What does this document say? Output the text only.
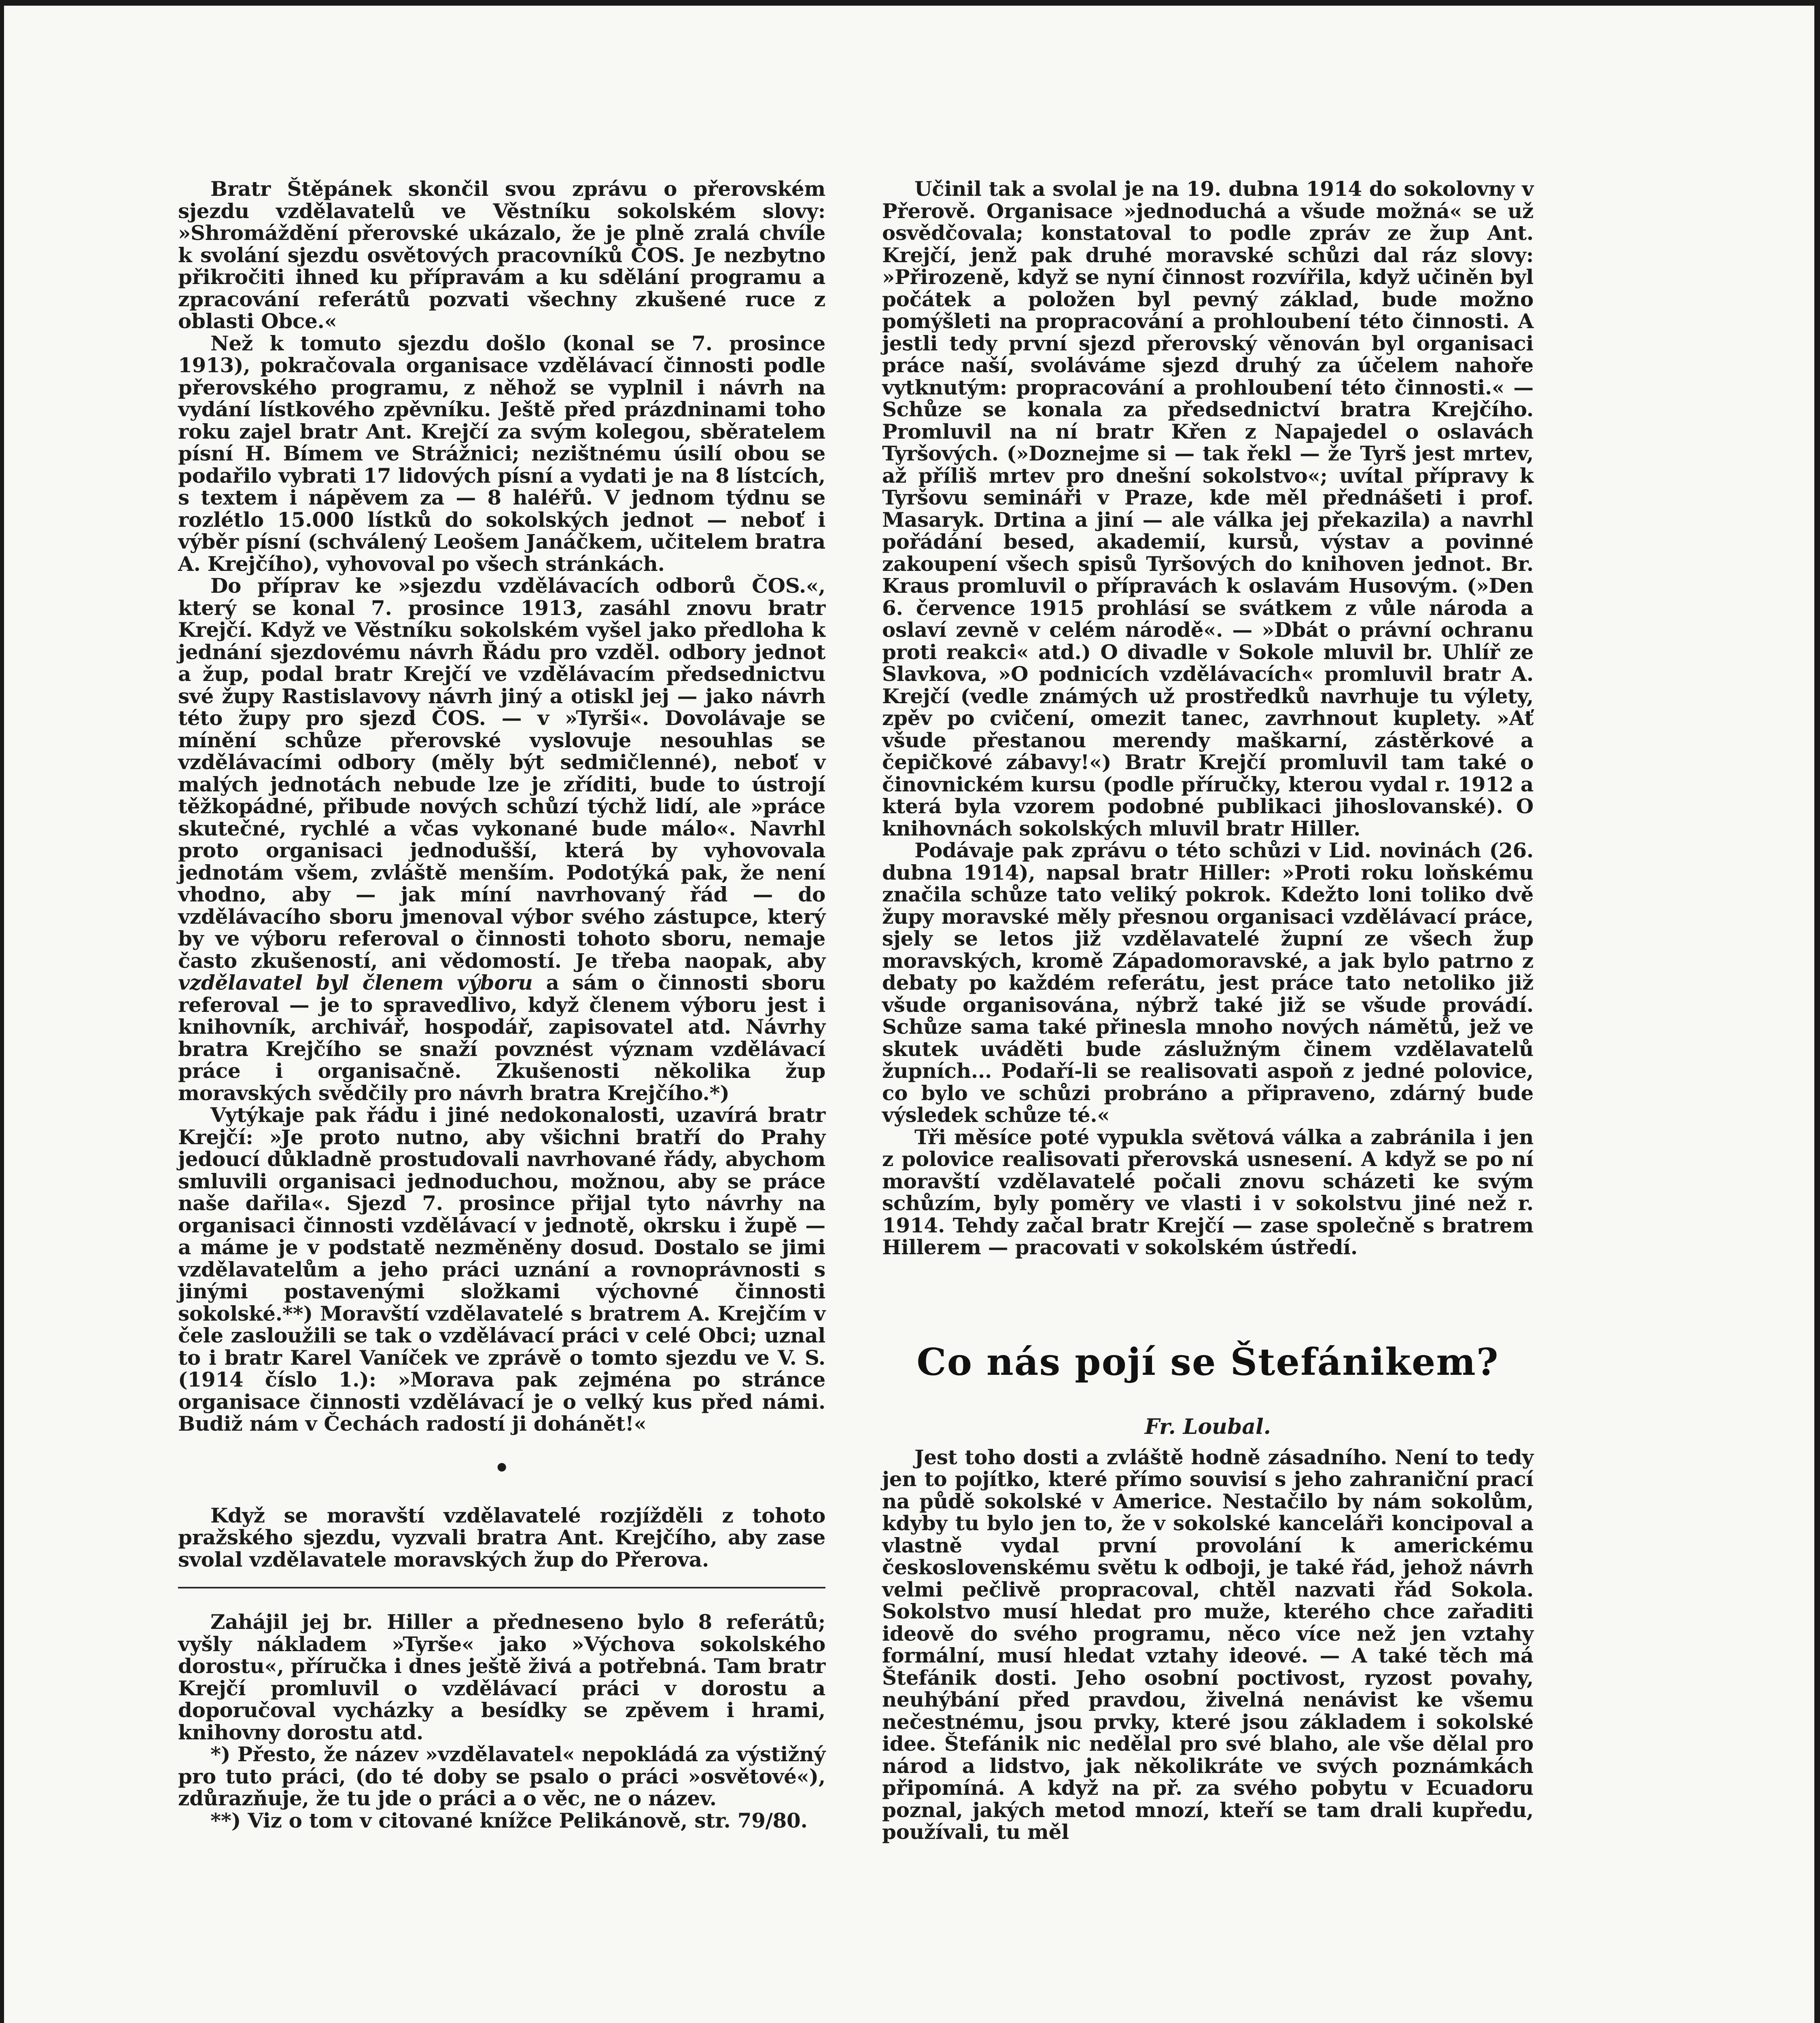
Bratr Štěpánek skončil svou zprávu o přerovském sjezdu vzdělavatelů ve Věstníku sokolském slovy: »Shromáždění přerovské ukázalo, že je plně zralá chvíle k svolání sjezdu osvětových pracovníků ČOS. Je nezbytno přikročiti ihned ku přípravám a ku sdělání programu a zpracování referátů pozvati všechny zkušené ruce z oblasti Obce.«

Než k tomuto sjezdu došlo (konal se 7. prosince 1913), pokračovala organisace vzdělávací činnosti podle přerovského programu, z něhož se vyplnil i návrh na vydání lístkového zpěvníku. Ještě před prázdninami toho roku zajel bratr Ant. Krejčí za svým kolegou, sběratelem písní H. Bímem ve Strážnici; nezištnému úsilí obou se podařilo vybrati 17 lidových písní a vydati je na 8 lístcích, s textem i nápěvem za — 8 haléřů. V jednom týdnu se rozlétlo 15.000 lístků do sokolských jednot — neboť i výběr písní (schválený Leošem Janáčkem, učitelem bratra A. Krejčího), vyhovoval po všech stránkách.

Do příprav ke »sjezdu vzdělávacích odborů ČOS.«, který se konal 7. prosince 1913, zasáhl znovu bratr Krejčí. Když ve Věstníku sokolském vyšel jako předloha k jednání sjezdovému návrh Řádu pro vzděl. odbory jednot a žup, podal bratr Krejčí ve vzdělávacím předsednictvu své župy Rastislavovy návrh jiný a otiskl jej — jako návrh této župy pro sjezd ČOS. — v »Tyrši«. Dovolávaje se mínění schůze přerovské vyslovuje nesouhlas se vzdělávacími odbory (měly být sedmičlenné), neboť v malých jednotách nebude lze je zříditi, bude to ústrojí těžkopádné, přibude nových schůzí týchž lidí, ale »práce skutečné, rychlé a včas vykonané bude málo«. Navrhl proto organisaci jednodušší, která by vyhovovala jednotám všem, zvláště menším. Podotýká pak, že není vhodno, aby — jak míní navrhovaný řád — do vzdělávacího sboru jmenoval výbor svého zástupce, který by ve výboru referoval o činnosti tohoto sboru, nemaje často zkušeností, ani vědomostí. Je třeba naopak, aby vzdělavatel byl členem výboru a sám o činnosti sboru referoval — je to spravedlivo, když členem výboru jest i knihovník, archivář, hospodář, zapisovatel atd. Návrhy bratra Krejčího se snaží povznést význam vzdělávací práce i organisačně. Zkušenosti několika žup moravských svědčily pro návrh bratra Krejčího.*)

Vytýkaje pak řádu i jiné nedokonalosti, uzavírá bratr Krejčí: »Je proto nutno, aby všichni bratří do Prahy jedoucí důkladně prostudovali navrhované řády, abychom smluvili organisaci jednoduchou, možnou, aby se práce naše dařila«. Sjezd 7. prosince přijal tyto návrhy na organisaci činnosti vzdělávací v jednotě, okrsku i župě — a máme je v podstatě nezměněny dosud. Dostalo se jimi vzdělavatelům a jeho práci uznání a rovnoprávnosti s jinými postavenými složkami výchovné činnosti sokolské.**) Moravští vzdělavatelé s bratrem A. Krejčím v čele zasloužili se tak o vzdělávací práci v celé Obci; uznal to i bratr Karel Vaníček ve zprávě o tomto sjezdu ve V. S. (1914 číslo 1.): »Morava pak zejména po stránce organisace činnosti vzdělávací je o velký kus před námi. Budiž nám v Čechách radostí ji dohánět!«

•

Když se moravští vzdělavatelé rozjížděli z tohoto pražského sjezdu, vyzvali bratra Ant. Krejčího, aby zase svolal vzdělavatele moravských žup do Přerova.

Zahájil jej br. Hiller a předneseno bylo 8 referátů; vyšly nákladem »Tyrše« jako »Výchova sokolského dorostu«, příručka i dnes ještě živá a potřebná. Tam bratr Krejčí promluvil o vzdělávací práci v dorostu a doporučoval vycházky a besídky se zpěvem i hrami, knihovny dorostu atd.

*) Přesto, že název »vzdělavatel« nepokládá za výstižný pro tuto práci, (do té doby se psalo o práci »osvětové«), zdůrazňuje, že tu jde o práci a o věc, ne o název.

**) Viz o tom v citované knížce Pelikánově, str. 79/80.

Učinil tak a svolal je na 19. dubna 1914 do sokolovny v Přerově. Organisace »jednoduchá a všude možná« se už osvědčovala; konstatoval to podle zpráv ze žup Ant. Krejčí, jenž pak druhé moravské schůzi dal ráz slovy: »Přirozeně, když se nyní činnost rozvířila, když učiněn byl počátek a položen byl pevný základ, bude možno pomýšleti na propracování a prohloubení této činnosti. A jestli tedy první sjezd přerovský věnován byl organisaci práce naší, svoláváme sjezd druhý za účelem nahoře vytknutým: propracování a prohloubení této činnosti.« — Schůze se konala za předsednictví bratra Krejčího. Promluvil na ní bratr Křen z Napajedel o oslavách Tyršových. (»Doznejme si — tak řekl — že Tyrš jest mrtev, až příliš mrtev pro dnešní sokolstvo«; uvítal přípravy k Tyršovu semináři v Praze, kde měl přednášeti i prof. Masaryk. Drtina a jiní — ale válka jej překazila) a navrhl pořádání besed, akademií, kursů, výstav a povinné zakoupení všech spisů Tyršových do knihoven jednot. Br. Kraus promluvil o přípravách k oslavám Husovým. (»Den 6. července 1915 prohlásí se svátkem z vůle národa a oslaví zevně v celém národě«. — »Dbát o právní ochranu proti reakci« atd.) O divadle v Sokole mluvil br. Uhlíř ze Slavkova, »O podnicích vzdělávacích« promluvil bratr A. Krejčí (vedle známých už prostředků navrhuje tu výlety, zpěv po cvičení, omezit tanec, zavrhnout kuplety. »Ať všude přestanou merendy maškarní, zástěrkové a čepičkové zábavy!«) Bratr Krejčí promluvil tam také o činovnickém kursu (podle příručky, kterou vydal r. 1912 a která byla vzorem podobné publikaci jihoslovanské). O knihovnách sokolských mluvil bratr Hiller.

Podávaje pak zprávu o této schůzi v Lid. novinách (26. dubna 1914), napsal bratr Hiller: »Proti roku loňskému značila schůze tato veliký pokrok. Kdežto loni toliko dvě župy moravské měly přesnou organisaci vzdělávací práce, sjely se letos již vzdělavatelé župní ze všech žup moravských, kromě Západomoravské, a jak bylo patrno z debaty po každém referátu, jest práce tato netoliko již všude organisována, nýbrž také již se všude provádí. Schůze sama také přinesla mnoho nových námětů, jež ve skutek uváděti bude záslužným činem vzdělavatelů župních... Podaří-li se realisovati aspoň z jedné polovice, co bylo ve schůzi probráno a připraveno, zdárný bude výsledek schůze té.«

Tři měsíce poté vypukla světová válka a zabránila i jen z polovice realisovati přerovská usnesení. A když se po ní moravští vzdělavatelé počali znovu scházeti ke svým schůzím, byly poměry ve vlasti i v sokolstvu jiné než r. 1914. Tehdy začal bratr Krejčí — zase společně s bratrem Hillerem — pracovati v sokolském ústředí.

Co nás pojí se Štefánikem?
Fr. Loubal.

Jest toho dosti a zvláště hodně zásadního. Není to tedy jen to pojítko, které přímo souvisí s jeho zahraniční prací na půdě sokolské v Americe. Nestačilo by nám sokolům, kdyby tu bylo jen to, že v sokolské kanceláři koncipoval a vlastně vydal první provolání k americkému československému světu k odboji, je také řád, jehož návrh velmi pečlivě propracoval, chtěl nazvati řád Sokola. Sokolstvo musí hledat pro muže, kterého chce zařaditi ideově do svého programu, něco více než jen vztahy formální, musí hledat vztahy ideové. — A také těch má Štefánik dosti. Jeho osobní poctivost, ryzost povahy, neuhýbání před pravdou, živelná nenávist ke všemu nečestnému, jsou prvky, které jsou základem i sokolské idee. Štefánik nic nedělal pro své blaho, ale vše dělal pro národ a lidstvo, jak několikráte ve svých poznámkách připomíná. A když na př. za svého pobytu v Ecuadoru poznal, jakých metod mnozí, kteří se tam drali kupředu, používali, tu měl
